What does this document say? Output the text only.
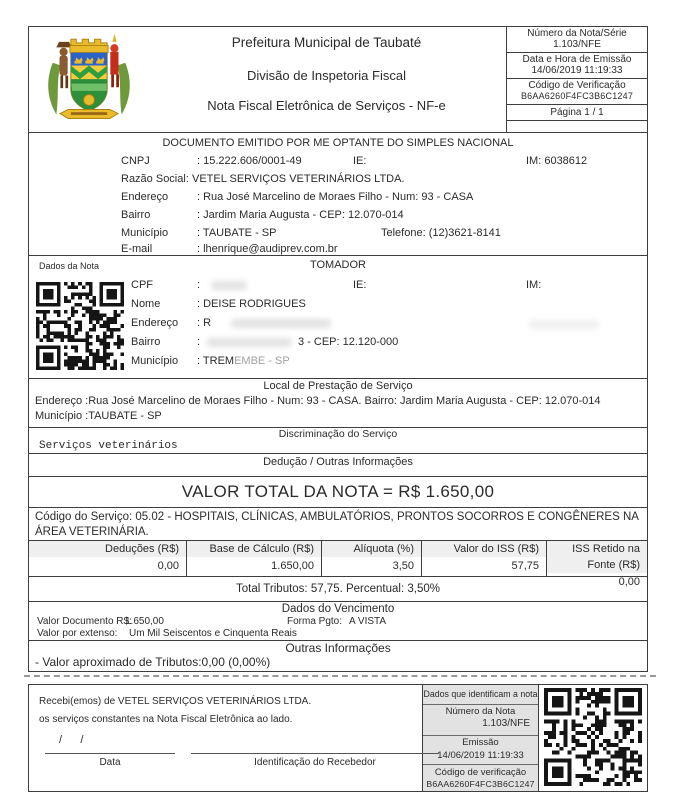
Prefeitura Municipal de Taubaté
Divisão de Inspetoria Fiscal
Nota Fiscal Eletrônica de Serviços - NF-e
Número da Nota/Série
1.103/NFE
Data e Hora de Emissão
14/06/2019 11:19:33
Código de Verificação
B6AA6260F4FC3B6C1247
Página 1 / 1
DOCUMENTO EMITIDO POR ME OPTANTE DO SIMPLES NACIONAL
CNPJ	: 15.222.606/0001-49	IE:	IM: 6038612
Razão Social: VETEL SERVIÇOS VETERINÁRIOS LTDA.
Endereço	: Rua José Marcelino de Moraes Filho - Num: 93 - CASA
Bairro	: Jardim Maria Augusta - CEP: 12.070-014
Município	: TAUBATE - SP	Telefone: (12)3621-8141
E-mail	: lhenrique@audiprev.com.br
Dados da Nota	TOMADOR
CPF	:	IE:	IM:
Nome	: DEISE RODRIGUES
Endereço : R
Bairro	:	3 - CEP: 12.120-000
Município : TREMEMBE - SP
Local de Prestação de Serviço
Endereço :Rua José Marcelino de Moraes Filho - Num: 93 - CASA. Bairro: Jardim Maria Augusta - CEP: 12.070-014
Município :TAUBATE - SP
Discriminação do Serviço
Serviços veterinários
Dedução / Outras Informações
VALOR TOTAL DA NOTA = R$ 1.650,00
Código do Serviço: 05.02 - HOSPITAIS, CLÍNICAS, AMBULATÓRIOS, PRONTOS SOCORROS E CONGÊNERES NA ÁREA VETERINÁRIA.
Deduções (R$)
0,00
Base de Cálculo (R$)
1.650,00
Alíquota (%)
3,50
Valor do ISS (R$)
57,75
ISS Retido na Fonte (R$)
0,00
Total Tributos: 57,75. Percentual: 3,50%
Dados do Vencimento
Valor Documento R$:
1.650,00	Forma Pgto: A VISTA
Valor por extenso: Um Mil Seiscentos e Cinquenta Reais
Outras Informações
- Valor aproximado de Tributos:0,00 (0,00%)
Recebi(emos) de VETEL SERVIÇOS VETERINÁRIOS LTDA.
os serviços constantes na Nota Fiscal Eletrônica ao lado.
/      /
Data	Identificação do Recebedor
Dados que identificam a nota
Número da Nota
1.103/NFE
Emissão
14/06/2019 11:19:33
Código de verificação
B6AA6260F4FC3B6C1247
